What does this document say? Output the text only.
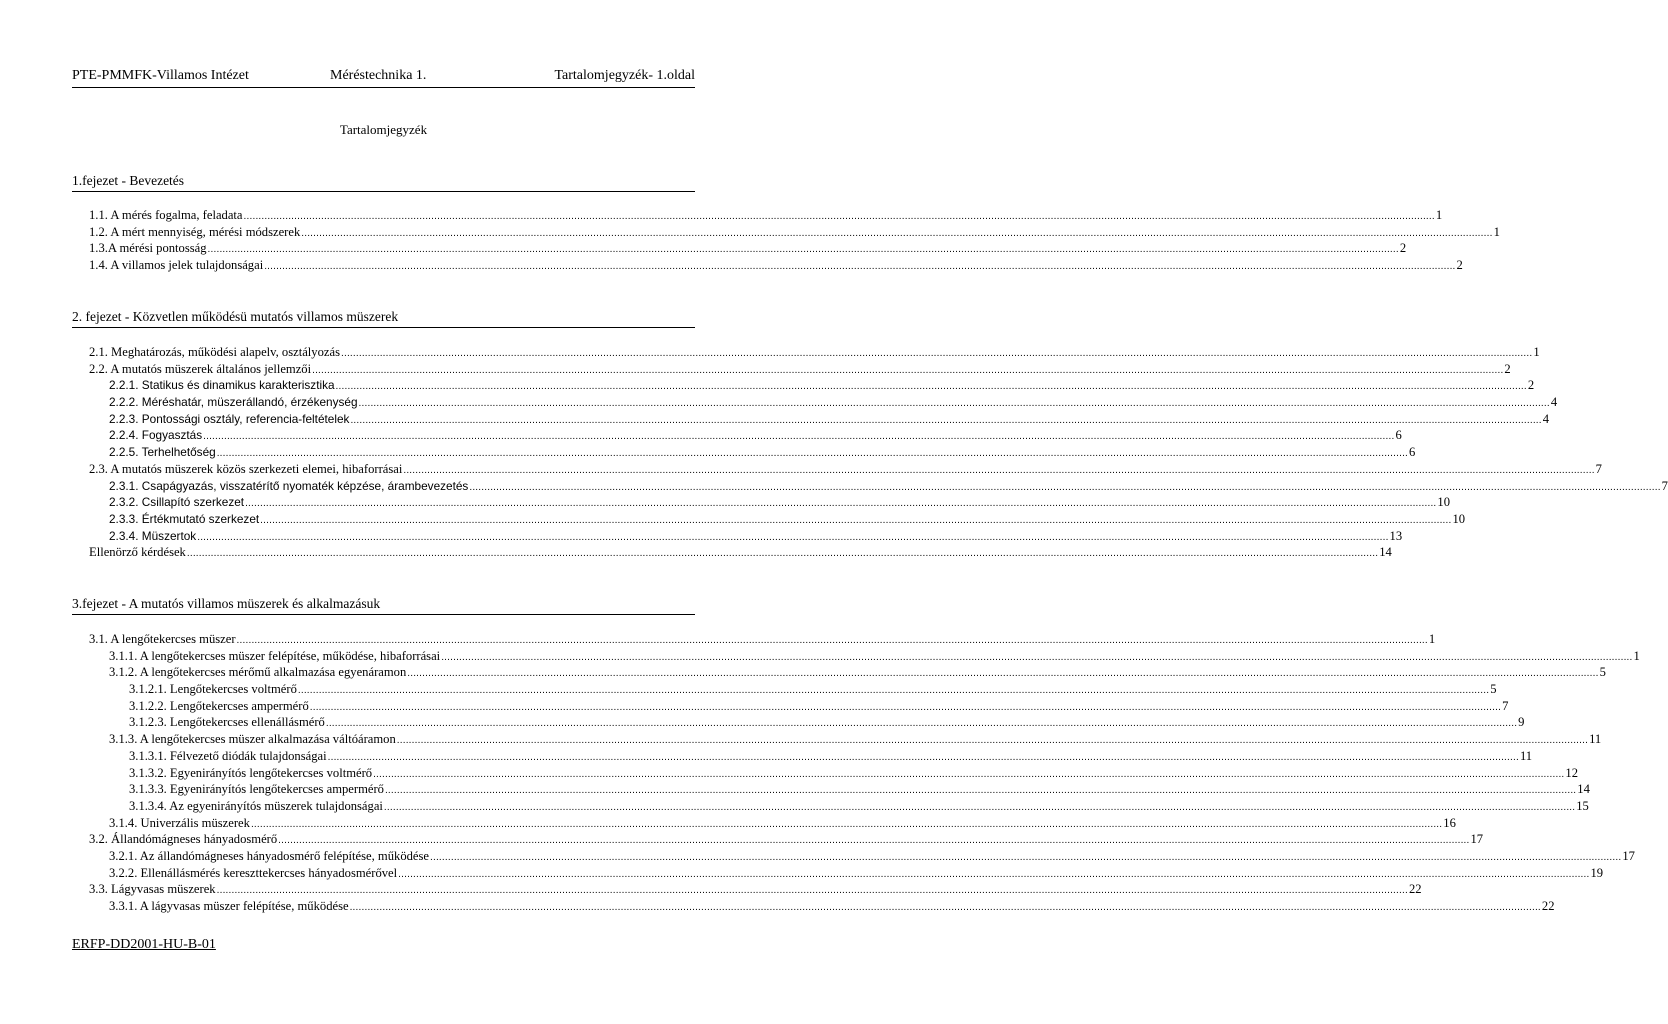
PTE-PMMFK-Villamos Intézet	Méréstechnika 1.	Tartalomjegyzék- 1.oldal
Tartalomjegyzék
1.fejezet - Bevezetés
1.1. A mérés fogalma, feladata ................................................................................................................................................................................................................................................................................................................................................................................................................ 1
1.2. A mért mennyiség, mérési módszerek ................................................................................................................................................................................................................................................................................................................................................................................................................ 1
1.3.A mérési pontosság ................................................................................................................................................................................................................................................................................................................................................................................................................ 2
1.4. A villamos jelek tulajdonságai ................................................................................................................................................................................................................................................................................................................................................................................................................ 2
2. fejezet - Közvetlen működésü mutatós villamos müszerek
2.1. Meghatározás, működési alapelv, osztályozás ................................................................................................................................................................................................................................................................................................................................................................................................................ 1
2.2. A mutatós müszerek általános jellemzői ................................................................................................................................................................................................................................................................................................................................................................................................................ 2
2.2.1. Statikus és dinamikus karakterisztika ................................................................................................................................................................................................................................................................................................................................................................................................................ 2
2.2.2. Méréshatár, müszerállandó, érzékenység ................................................................................................................................................................................................................................................................................................................................................................................................................ 4
2.2.3. Pontossági osztály, referencia-feltételek ................................................................................................................................................................................................................................................................................................................................................................................................................ 4
2.2.4. Fogyasztás ................................................................................................................................................................................................................................................................................................................................................................................................................ 6
2.2.5. Terhelhetőség ................................................................................................................................................................................................................................................................................................................................................................................................................ 6
2.3. A mutatós müszerek közös szerkezeti elemei, hibaforrásai ................................................................................................................................................................................................................................................................................................................................................................................................................ 7
2.3.1. Csapágyazás, visszatérítő nyomaték képzése, árambevezetés ................................................................................................................................................................................................................................................................................................................................................................................................................ 7
2.3.2. Csillapító szerkezet ................................................................................................................................................................................................................................................................................................................................................................................................................ 10
2.3.3. Értékmutató szerkezet ................................................................................................................................................................................................................................................................................................................................................................................................................ 10
2.3.4. Müszertok ................................................................................................................................................................................................................................................................................................................................................................................................................ 13
Ellenörző kérdések ................................................................................................................................................................................................................................................................................................................................................................................................................ 14
3.fejezet - A mutatós villamos müszerek és alkalmazásuk
3.1. A lengőtekercses müszer ................................................................................................................................................................................................................................................................................................................................................................................................................ 1
3.1.1. A lengőtekercses müszer felépítése, működése, hibaforrásai ................................................................................................................................................................................................................................................................................................................................................................................................................ 1
3.1.2. A lengőtekercses mérőmű alkalmazása egyenáramon ................................................................................................................................................................................................................................................................................................................................................................................................................ 5
3.1.2.1. Lengőtekercses voltmérő ................................................................................................................................................................................................................................................................................................................................................................................................................ 5
3.1.2.2. Lengőtekercses ampermérő ................................................................................................................................................................................................................................................................................................................................................................................................................ 7
3.1.2.3. Lengőtekercses ellenállásmérő ................................................................................................................................................................................................................................................................................................................................................................................................................ 9
3.1.3. A lengőtekercses müszer alkalmazása váltóáramon ................................................................................................................................................................................................................................................................................................................................................................................................................ 11
3.1.3.1. Félvezető diódák tulajdonságai ................................................................................................................................................................................................................................................................................................................................................................................................................ 11
3.1.3.2. Egyenirányítós lengőtekercses voltmérő ................................................................................................................................................................................................................................................................................................................................................................................................................ 12
3.1.3.3. Egyenirányítós lengőtekercses ampermérő ................................................................................................................................................................................................................................................................................................................................................................................................................ 14
3.1.3.4. Az egyenirányítós müszerek tulajdonságai ................................................................................................................................................................................................................................................................................................................................................................................................................ 15
3.1.4. Univerzális müszerek ................................................................................................................................................................................................................................................................................................................................................................................................................ 16
3.2. Állandómágneses hányadosmérő ................................................................................................................................................................................................................................................................................................................................................................................................................ 17
3.2.1. Az állandómágneses hányadosmérő felépítése, működése ................................................................................................................................................................................................................................................................................................................................................................................................................ 17
3.2.2. Ellenállásmérés kereszttekercses hányadosmérővel ................................................................................................................................................................................................................................................................................................................................................................................................................ 19
3.3. Lágyvasas müszerek ................................................................................................................................................................................................................................................................................................................................................................................................................ 22
3.3.1. A lágyvasas müszer felépítése, működése ................................................................................................................................................................................................................................................................................................................................................................................................................ 22
ERFP-DD2001-HU-B-01
